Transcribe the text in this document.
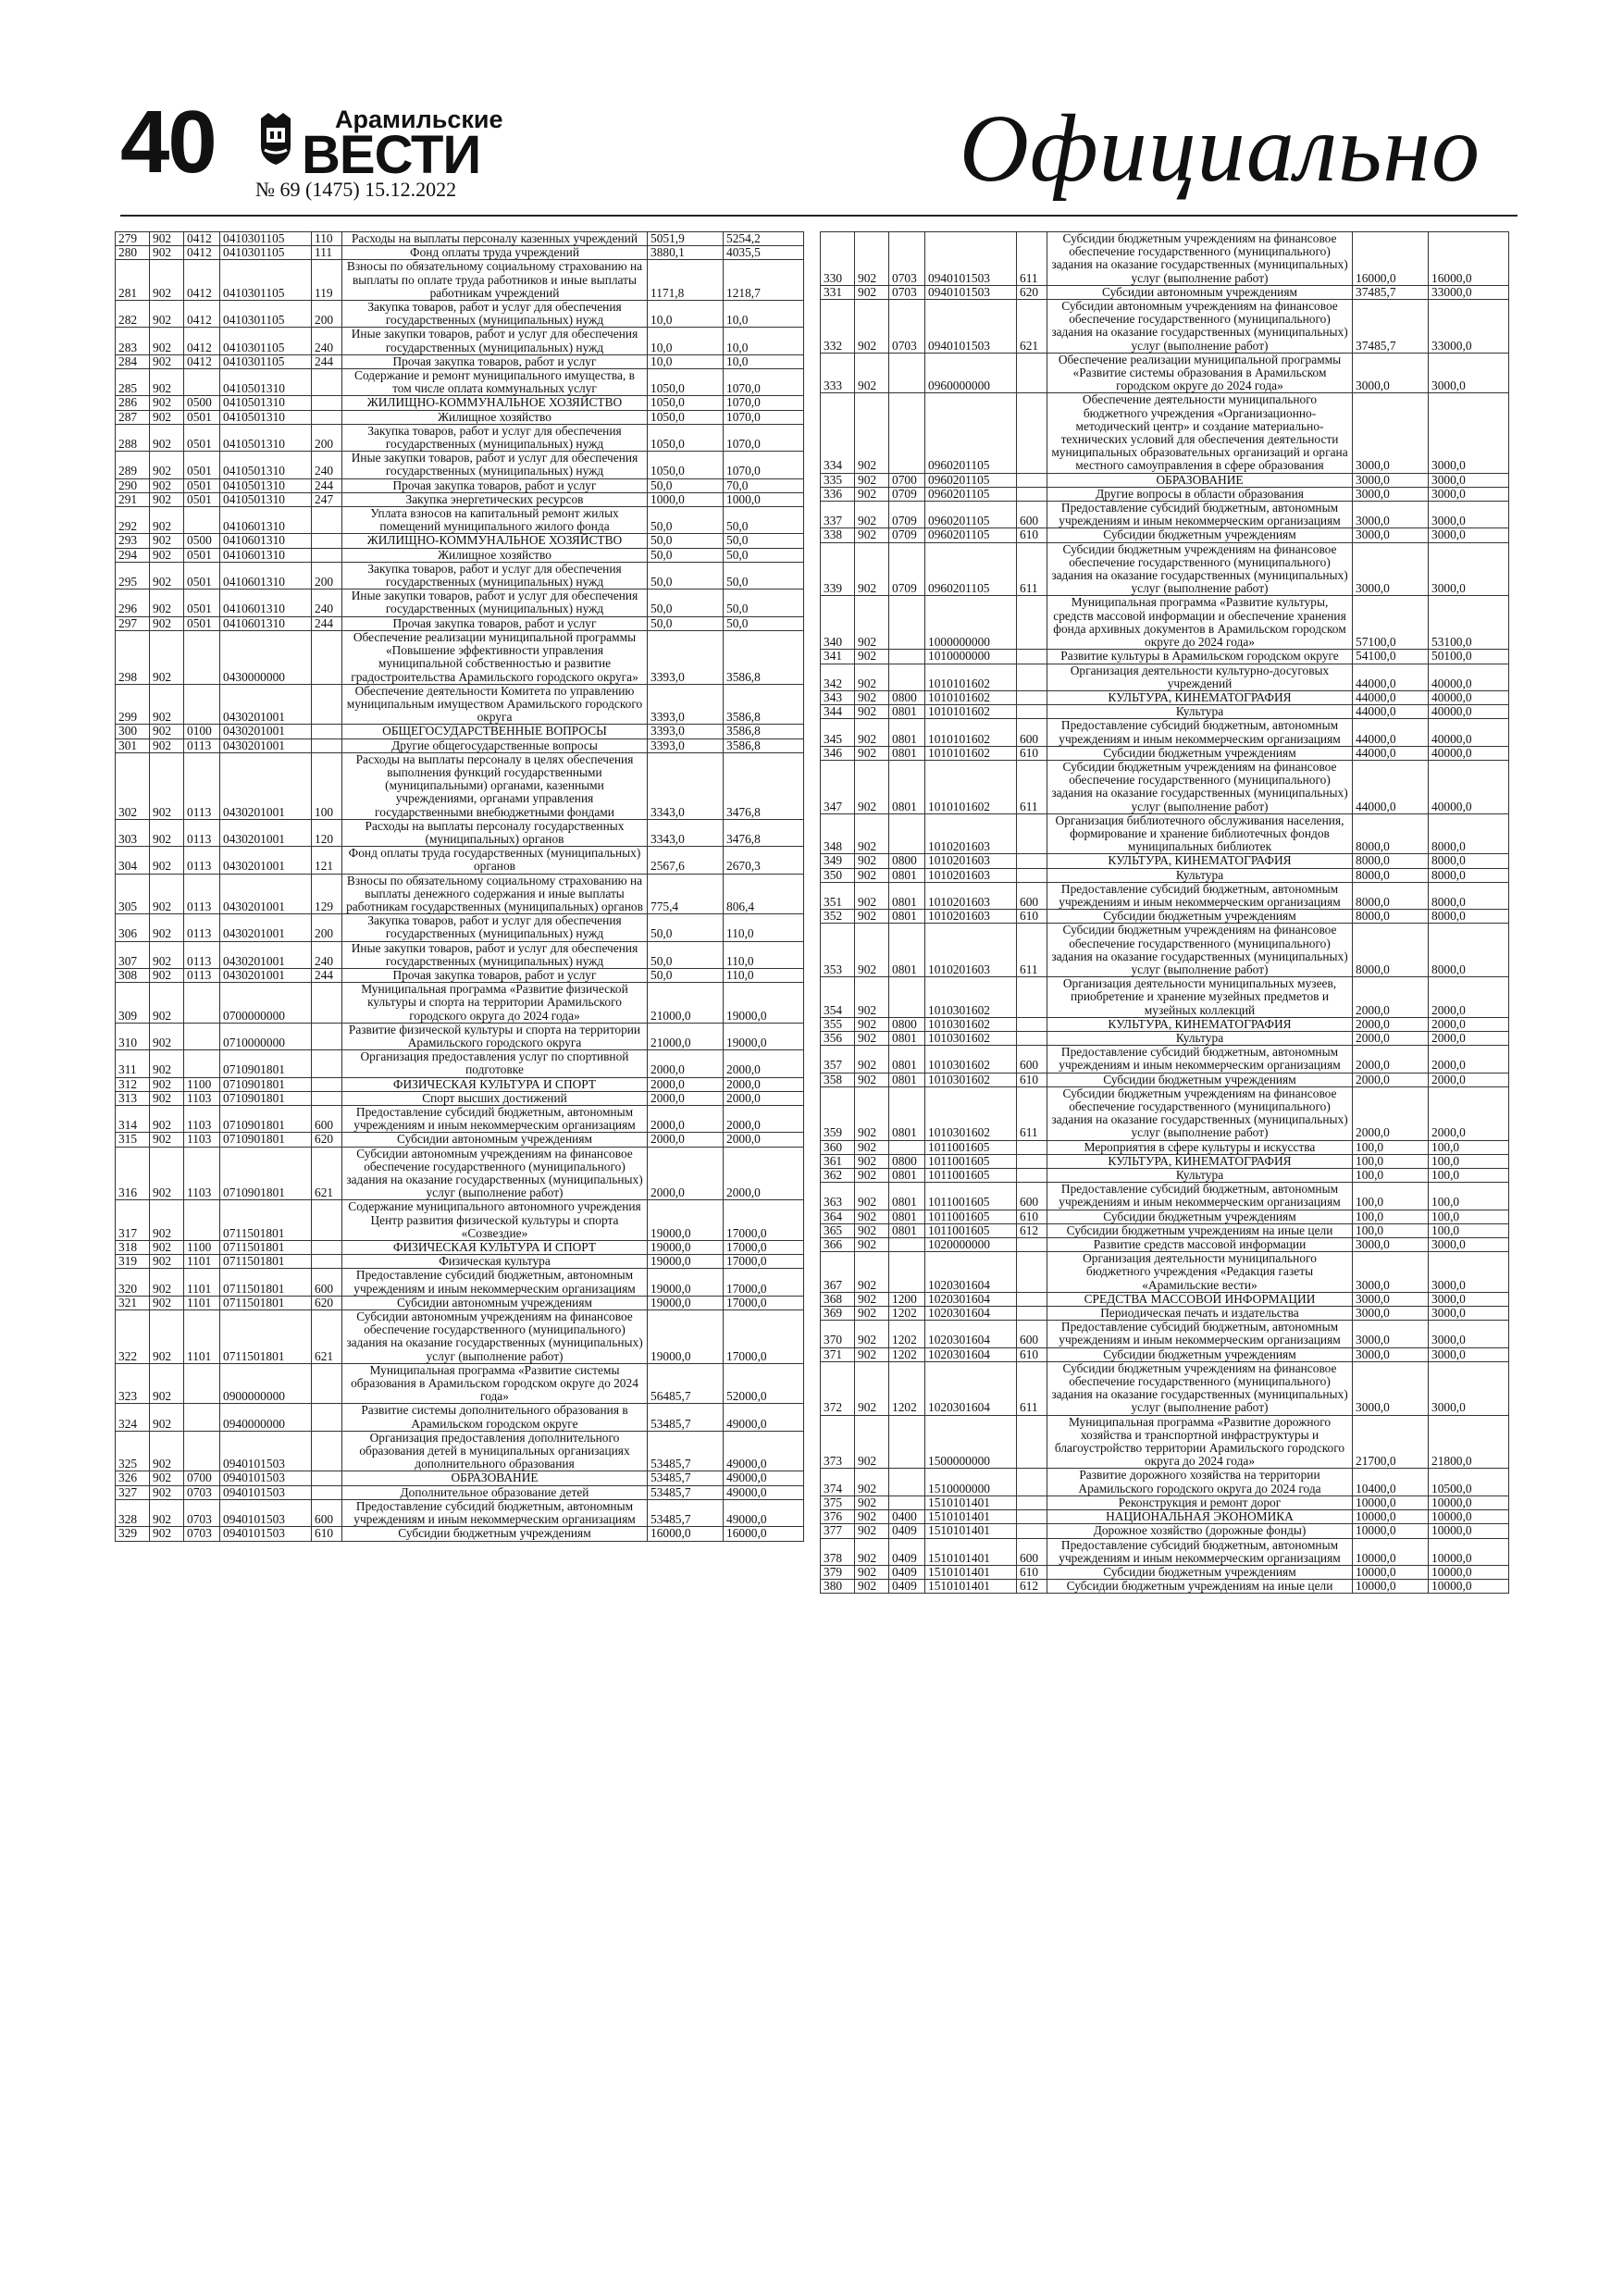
40	Арамильские
ВЕСТИ
№ 69 (1475) 15.12.2022	Официально
279	902	0412	0410301105	110	Расходы на выплаты персоналу казенных учреждений	5051,9	5254,2
280	902	0412	0410301105	111	Фонд оплаты труда учреждений	3880,1	4035,5
281	902	0412	0410301105	119	Взносы по обязательному социальному страхованию на выплаты по оплате труда работников и иные выплаты работникам учреждений	1171,8	1218,7
282	902	0412	0410301105	200	Закупка товаров, работ и услуг для обеспечения государственных (муниципальных) нужд	10,0	10,0
283	902	0412	0410301105	240	Иные закупки товаров, работ и услуг для обеспечения государственных (муниципальных) нужд	10,0	10,0
284	902	0412	0410301105	244	Прочая закупка товаров, работ и услуг	10,0	10,0
285	902		0410501310		Содержание и ремонт муниципального имущества, в том числе оплата коммунальных услуг	1050,0	1070,0
286	902	0500	0410501310		ЖИЛИЩНО-КОММУНАЛЬНОЕ ХОЗЯЙСТВО	1050,0	1070,0
287	902	0501	0410501310		Жилищное хозяйство	1050,0	1070,0
288	902	0501	0410501310	200	Закупка товаров, работ и услуг для обеспечения государственных (муниципальных) нужд	1050,0	1070,0
289	902	0501	0410501310	240	Иные закупки товаров, работ и услуг для обеспечения государственных (муниципальных) нужд	1050,0	1070,0
290	902	0501	0410501310	244	Прочая закупка товаров, работ и услуг	50,0	70,0
291	902	0501	0410501310	247	Закупка энергетических ресурсов	1000,0	1000,0
292	902		0410601310		Уплата взносов на капитальный ремонт жилых помещений муниципального жилого фонда	50,0	50,0
293	902	0500	0410601310		ЖИЛИЩНО-КОММУНАЛЬНОЕ ХОЗЯЙСТВО	50,0	50,0
294	902	0501	0410601310		Жилищное хозяйство	50,0	50,0
295	902	0501	0410601310	200	Закупка товаров, работ и услуг для обеспечения государственных (муниципальных) нужд	50,0	50,0
296	902	0501	0410601310	240	Иные закупки товаров, работ и услуг для обеспечения государственных (муниципальных) нужд	50,0	50,0
297	902	0501	0410601310	244	Прочая закупка товаров, работ и услуг	50,0	50,0
298	902		0430000000		Обеспечение реализации муниципальной программы «Повышение эффективности управления муниципальной собственностью и развитие градостроительства Арамильского городского округа»	3393,0	3586,8
299	902		0430201001		Обеспечение деятельности Комитета по управлению муниципальным имуществом Арамильского городского округа	3393,0	3586,8
300	902	0100	0430201001		ОБЩЕГОСУДАРСТВЕННЫЕ ВОПРОСЫ	3393,0	3586,8
301	902	0113	0430201001		Другие общегосударственные вопросы	3393,0	3586,8
302	902	0113	0430201001	100	Расходы на выплаты персоналу в целях обеспечения выполнения функций государственными (муниципальными) органами, казенными учреждениями, органами управления государственными внебюджетными фондами	3343,0	3476,8
303	902	0113	0430201001	120	Расходы на выплаты персоналу государственных (муниципальных) органов	3343,0	3476,8
304	902	0113	0430201001	121	Фонд оплаты труда государственных (муниципальных) органов	2567,6	2670,3
305	902	0113	0430201001	129	Взносы по обязательному социальному страхованию на выплаты денежного содержания и иные выплаты работникам государственных (муниципальных) органов	775,4	806,4
306	902	0113	0430201001	200	Закупка товаров, работ и услуг для обеспечения государственных (муниципальных) нужд	50,0	110,0
307	902	0113	0430201001	240	Иные закупки товаров, работ и услуг для обеспечения государственных (муниципальных) нужд	50,0	110,0
308	902	0113	0430201001	244	Прочая закупка товаров, работ и услуг	50,0	110,0
309	902		0700000000		Муниципальная программа «Развитие физической культуры и спорта на территории Арамильского городского округа до 2024 года»	21000,0	19000,0
310	902		0710000000		Развитие физической культуры и спорта на территории Арамильского городского округа	21000,0	19000,0
311	902		0710901801		Организация предоставления услуг по спортивной подготовке	2000,0	2000,0
312	902	1100	0710901801		ФИЗИЧЕСКАЯ КУЛЬТУРА И СПОРТ	2000,0	2000,0
313	902	1103	0710901801		Спорт высших достижений	2000,0	2000,0
314	902	1103	0710901801	600	Предоставление субсидий бюджетным, автономным учреждениям и иным некоммерческим организациям	2000,0	2000,0
315	902	1103	0710901801	620	Субсидии автономным учреждениям	2000,0	2000,0
316	902	1103	0710901801	621	Субсидии автономным учреждениям на финансовое обеспечение государственного (муниципального) задания на оказание государственных (муниципальных) услуг (выполнение работ)	2000,0	2000,0
317	902		0711501801		Содержание муниципального автономного учреждения Центр развития физической культуры и спорта «Созвездие»	19000,0	17000,0
318	902	1100	0711501801		ФИЗИЧЕСКАЯ КУЛЬТУРА И СПОРТ	19000,0	17000,0
319	902	1101	0711501801		Физическая культура	19000,0	17000,0
320	902	1101	0711501801	600	Предоставление субсидий бюджетным, автономным учреждениям и иным некоммерческим организациям	19000,0	17000,0
321	902	1101	0711501801	620	Субсидии автономным учреждениям	19000,0	17000,0
322	902	1101	0711501801	621	Субсидии автономным учреждениям на финансовое обеспечение государственного (муниципального) задания на оказание государственных (муниципальных) услуг (выполнение работ)	19000,0	17000,0
323	902		0900000000		Муниципальная программа «Развитие системы образования в Арамильском городском округе до 2024 года»	56485,7	52000,0
324	902		0940000000		Развитие системы дополнительного образования в Арамильском городском округе	53485,7	49000,0
325	902		0940101503		Организация предоставления дополнительного образования детей в муниципальных организациях дополнительного образования	53485,7	49000,0
326	902	0700	0940101503		ОБРАЗОВАНИЕ	53485,7	49000,0
327	902	0703	0940101503		Дополнительное образование детей	53485,7	49000,0
328	902	0703	0940101503	600	Предоставление субсидий бюджетным, автономным учреждениям и иным некоммерческим организациям	53485,7	49000,0
329	902	0703	0940101503	610	Субсидии бюджетным учреждениям	16000,0	16000,0
330	902	0703	0940101503	611	Субсидии бюджетным учреждениям на финансовое обеспечение государственного (муниципального) задания на оказание государственных (муниципальных) услуг (выполнение работ)	16000,0	16000,0
331	902	0703	0940101503	620	Субсидии автономным учреждениям	37485,7	33000,0
332	902	0703	0940101503	621	Субсидии автономным учреждениям на финансовое обеспечение государственного (муниципального) задания на оказание государственных (муниципальных) услуг (выполнение работ)	37485,7	33000,0
333	902		0960000000		Обеспечение реализации муниципальной программы «Развитие системы образования в Арамильском городском округе до 2024 года»	3000,0	3000,0
334	902		0960201105		Обеспечение деятельности муниципального бюджетного учреждения «Организационно-методический центр» и создание материально-технических условий для обеспечения деятельности муниципальных образовательных организаций и органа местного самоуправления в сфере образования	3000,0	3000,0
335	902	0700	0960201105		ОБРАЗОВАНИЕ	3000,0	3000,0
336	902	0709	0960201105		Другие вопросы в области образования	3000,0	3000,0
337	902	0709	0960201105	600	Предоставление субсидий бюджетным, автономным учреждениям и иным некоммерческим организациям	3000,0	3000,0
338	902	0709	0960201105	610	Субсидии бюджетным учреждениям	3000,0	3000,0
339	902	0709	0960201105	611	Субсидии бюджетным учреждениям на финансовое обеспечение государственного (муниципального) задания на оказание государственных (муниципальных) услуг (выполнение работ)	3000,0	3000,0
340	902		1000000000		Муниципальная программа «Развитие культуры, средств массовой информации и обеспечение хранения фонда архивных документов в Арамильском городском округе до 2024 года»	57100,0	53100,0
341	902		1010000000		Развитие культуры в Арамильском городском округе	54100,0	50100,0
342	902		1010101602		Организация деятельности культурно-досуговых учреждений	44000,0	40000,0
343	902	0800	1010101602		КУЛЬТУРА, КИНЕМАТОГРАФИЯ	44000,0	40000,0
344	902	0801	1010101602		Культура	44000,0	40000,0
345	902	0801	1010101602	600	Предоставление субсидий бюджетным, автономным учреждениям и иным некоммерческим организациям	44000,0	40000,0
346	902	0801	1010101602	610	Субсидии бюджетным учреждениям	44000,0	40000,0
347	902	0801	1010101602	611	Субсидии бюджетным учреждениям на финансовое обеспечение государственного (муниципального) задания на оказание государственных (муниципальных) услуг (выполнение работ)	44000,0	40000,0
348	902		1010201603		Организация библиотечного обслуживания населения, формирование и хранение библиотечных фондов муниципальных библиотек	8000,0	8000,0
349	902	0800	1010201603		КУЛЬТУРА, КИНЕМАТОГРАФИЯ	8000,0	8000,0
350	902	0801	1010201603		Культура	8000,0	8000,0
351	902	0801	1010201603	600	Предоставление субсидий бюджетным, автономным учреждениям и иным некоммерческим организациям	8000,0	8000,0
352	902	0801	1010201603	610	Субсидии бюджетным учреждениям	8000,0	8000,0
353	902	0801	1010201603	611	Субсидии бюджетным учреждениям на финансовое обеспечение государственного (муниципального) задания на оказание государственных (муниципальных) услуг (выполнение работ)	8000,0	8000,0
354	902		1010301602		Организация деятельности муниципальных музеев, приобретение и хранение музейных предметов и музейных коллекций	2000,0	2000,0
355	902	0800	1010301602		КУЛЬТУРА, КИНЕМАТОГРАФИЯ	2000,0	2000,0
356	902	0801	1010301602		Культура	2000,0	2000,0
357	902	0801	1010301602	600	Предоставление субсидий бюджетным, автономным учреждениям и иным некоммерческим организациям	2000,0	2000,0
358	902	0801	1010301602	610	Субсидии бюджетным учреждениям	2000,0	2000,0
359	902	0801	1010301602	611	Субсидии бюджетным учреждениям на финансовое обеспечение государственного (муниципального) задания на оказание государственных (муниципальных) услуг (выполнение работ)	2000,0	2000,0
360	902		1011001605		Мероприятия в сфере культуры и искусства	100,0	100,0
361	902	0800	1011001605		КУЛЬТУРА, КИНЕМАТОГРАФИЯ	100,0	100,0
362	902	0801	1011001605		Культура	100,0	100,0
363	902	0801	1011001605	600	Предоставление субсидий бюджетным, автономным учреждениям и иным некоммерческим организациям	100,0	100,0
364	902	0801	1011001605	610	Субсидии бюджетным учреждениям	100,0	100,0
365	902	0801	1011001605	612	Субсидии бюджетным учреждениям на иные цели	100,0	100,0
366	902		1020000000		Развитие средств массовой информации	3000,0	3000,0
367	902		1020301604		Организация деятельности муниципального бюджетного учреждения «Редакция газеты «Арамильские вести»	3000,0	3000,0
368	902	1200	1020301604		СРЕДСТВА МАССОВОЙ ИНФОРМАЦИИ	3000,0	3000,0
369	902	1202	1020301604		Периодическая печать и издательства	3000,0	3000,0
370	902	1202	1020301604	600	Предоставление субсидий бюджетным, автономным учреждениям и иным некоммерческим организациям	3000,0	3000,0
371	902	1202	1020301604	610	Субсидии бюджетным учреждениям	3000,0	3000,0
372	902	1202	1020301604	611	Субсидии бюджетным учреждениям на финансовое обеспечение государственного (муниципального) задания на оказание государственных (муниципальных) услуг (выполнение работ)	3000,0	3000,0
373	902		1500000000		Муниципальная программа «Развитие дорожного хозяйства и транспортной инфраструктуры и благоустройство территории Арамильского городского округа до 2024 года»	21700,0	21800,0
374	902		1510000000		Развитие дорожного хозяйства на территории Арамильского городского округа до 2024 года	10400,0	10500,0
375	902		1510101401		Реконструкция и ремонт дорог	10000,0	10000,0
376	902	0400	1510101401		НАЦИОНАЛЬНАЯ ЭКОНОМИКА	10000,0	10000,0
377	902	0409	1510101401		Дорожное хозяйство (дорожные фонды)	10000,0	10000,0
378	902	0409	1510101401	600	Предоставление субсидий бюджетным, автономным учреждениям и иным некоммерческим организациям	10000,0	10000,0
379	902	0409	1510101401	610	Субсидии бюджетным учреждениям	10000,0	10000,0
380	902	0409	1510101401	612	Субсидии бюджетным учреждениям на иные цели	10000,0	10000,0
